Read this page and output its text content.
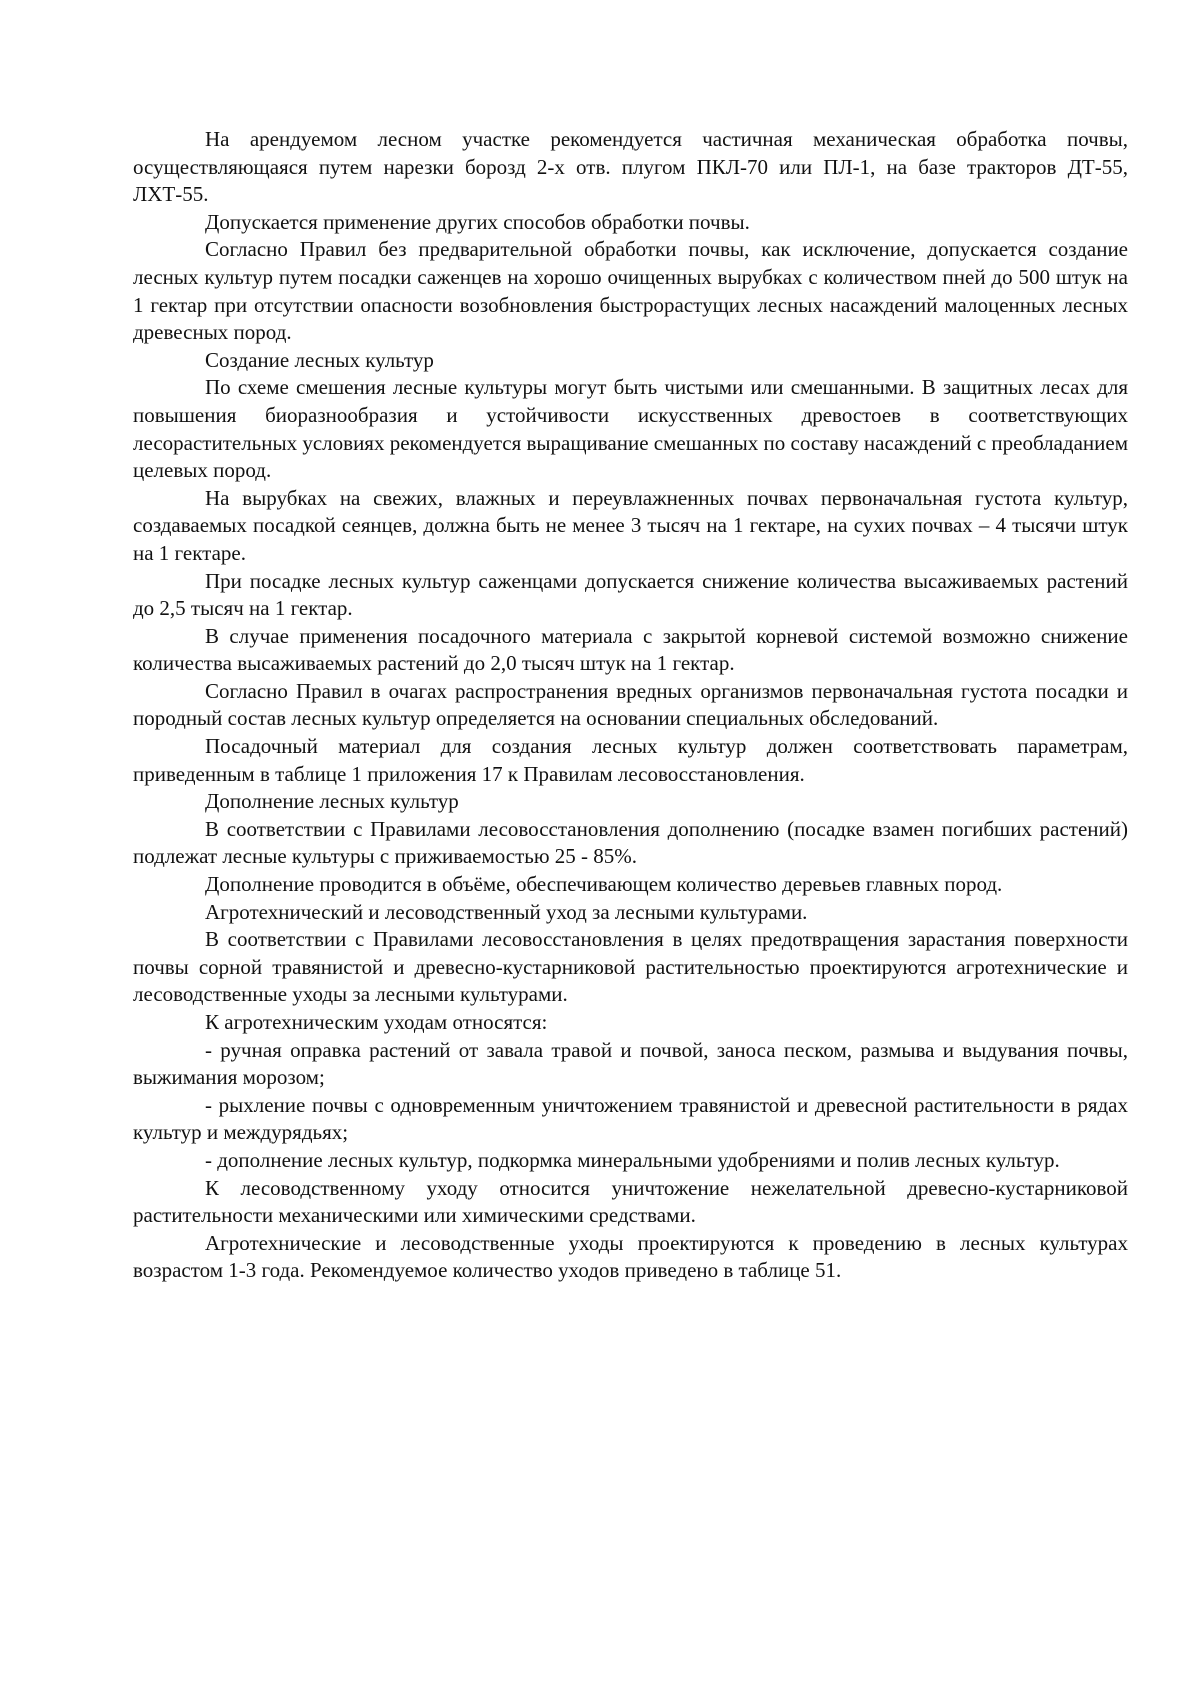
На арендуемом лесном участке рекомендуется частичная механическая обработка почвы, осуществляющаяся путем нарезки борозд 2-х отв. плугом ПКЛ-70 или ПЛ-1, на базе тракторов ДТ-55, ЛХТ-55.

Допускается применение других способов обработки почвы.

Согласно Правил без предварительной обработки почвы, как исключение, допускается создание лесных культур путем посадки саженцев на хорошо очищенных вырубках с количеством пней до 500 штук на 1 гектар при отсутствии опасности возобновления быстрорастущих лесных насаждений малоценных лесных древесных пород.

Создание лесных культур

По схеме смешения лесные культуры могут быть чистыми или смешанными. В защитных лесах для повышения биоразнообразия и устойчивости искусственных древостоев в соответствующих лесорастительных условиях рекомендуется выращивание смешанных по составу насаждений с преобладанием целевых пород.

На вырубках на свежих, влажных и переувлажненных почвах первоначальная густота культур, создаваемых посадкой сеянцев, должна быть не менее 3 тысяч на 1 гектаре, на сухих почвах – 4 тысячи штук на 1 гектаре.

При посадке лесных культур саженцами допускается снижение количества высаживаемых растений до 2,5 тысяч на 1 гектар.

В случае применения посадочного материала с закрытой корневой системой возможно снижение количества высаживаемых растений до 2,0 тысяч штук на 1 гектар.

Согласно Правил в очагах распространения вредных организмов первоначальная густота посадки и породный состав лесных культур определяется на основании специальных обследований.

Посадочный материал для создания лесных культур должен соответствовать параметрам, приведенным в таблице 1 приложения 17 к Правилам лесовосстановления.

Дополнение лесных культур

В соответствии с Правилами лесовосстановления дополнению (посадке взамен погибших растений) подлежат лесные культуры с приживаемостью 25 - 85%.

Дополнение проводится в объёме, обеспечивающем количество деревьев главных пород.

Агротехнический и лесоводственный уход за лесными культурами.

В соответствии с Правилами лесовосстановления в целях предотвращения зарастания поверхности почвы сорной травянистой и древесно-кустарниковой растительностью проектируются агротехнические и лесоводственные уходы за лесными культурами.

К агротехническим уходам относятся:

- ручная оправка растений от завала травой и почвой, заноса песком, размыва и выдувания почвы, выжимания морозом;

- рыхление почвы с одновременным уничтожением травянистой и древесной растительности в рядах культур и междурядьях;

- дополнение лесных культур, подкормка минеральными удобрениями и полив лесных культур.

К лесоводственному уходу относится уничтожение нежелательной древесно-кустарниковой растительности механическими или химическими средствами.

Агротехнические и лесоводственные уходы проектируются к проведению в лесных культурах возрастом 1-3 года. Рекомендуемое количество уходов приведено в таблице 51.
